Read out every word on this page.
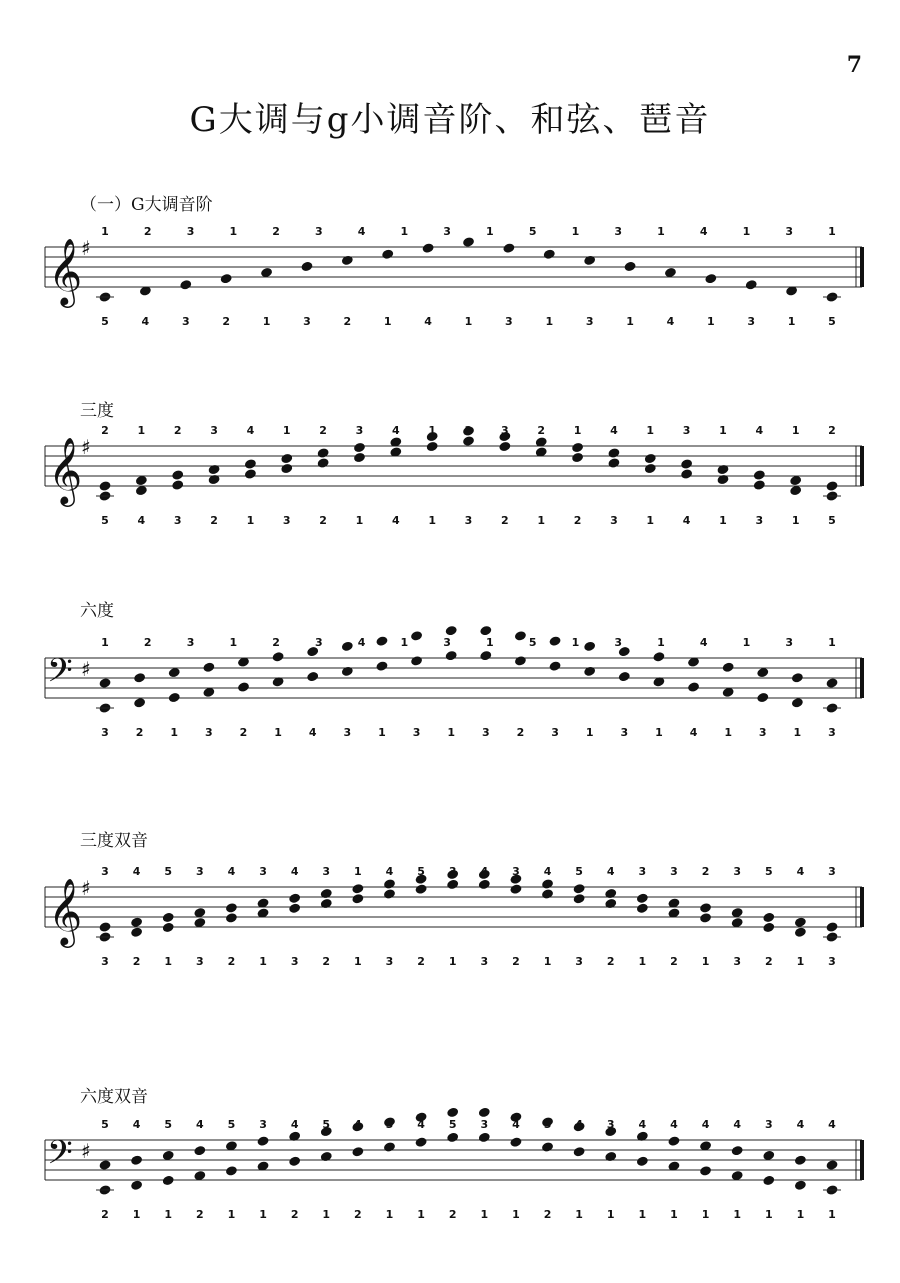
7
G大调与g小调音阶、和弦、琶音
（一）G大调音阶
三度
六度
三度双音
六度双音
𝄞
♯
1	2	3	1	2	3	4	1	3	1	5	1	3	1	4	1	3	1
5	4	3	2	1	3	2	1	4	1	3	1	3	1	4	1	3	1	5
𝄞
♯
2	1	2	3	4	1	2	3	4	1	2	3	2	1	4	1	3	1	4	1	2
5	4	3	2	1	3	2	1	4	1	3	2	1	2	3	1	4	1	3	1	5
𝄢 ♯
1	2	3	1	2	3	4	1	3	1	5	1	3	1	4	1	3	1
3 2 1 3 2 1 4 3 1 3 1 3 2 3 1 3 1 4 1 3 1 3
𝄞
♯
3 4 5 3 4 3 4 3 1 4 5 3 4 3 4 5 4 3 3 2 3 5 4 3
3 2 1 3 2 1 3 2 1 3 2 1 3 2 1 3 2 1 2 1 3 2 1 3
𝄢 ♯
5 4 5 4 5 3 4 5 4 5 4 5 3 4 5 4 3 4 4 4 4 3 4 4
2 1 1 2 1 1 2 1 2 1 1 2 1 1 2 1 1 1 1 1 1 1 1 1
